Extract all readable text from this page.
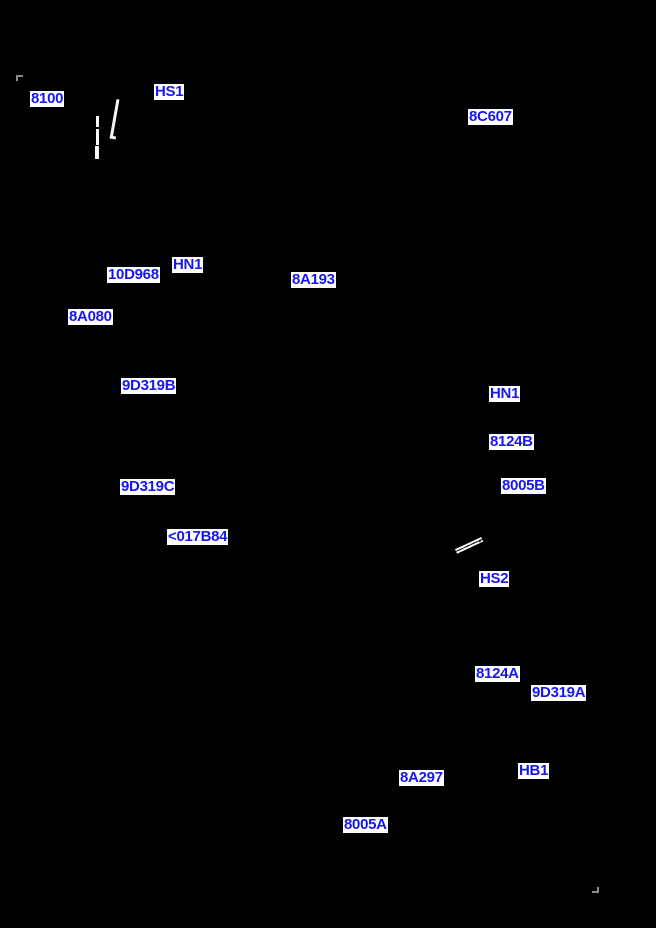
8100	HS1
8C607
10D968
HN1
8A193
8A080
9D319B	HN1
8124B
8005B
9D319C
<017B84
HS2
8124A
9D319A
8A297	HB1
8005A
